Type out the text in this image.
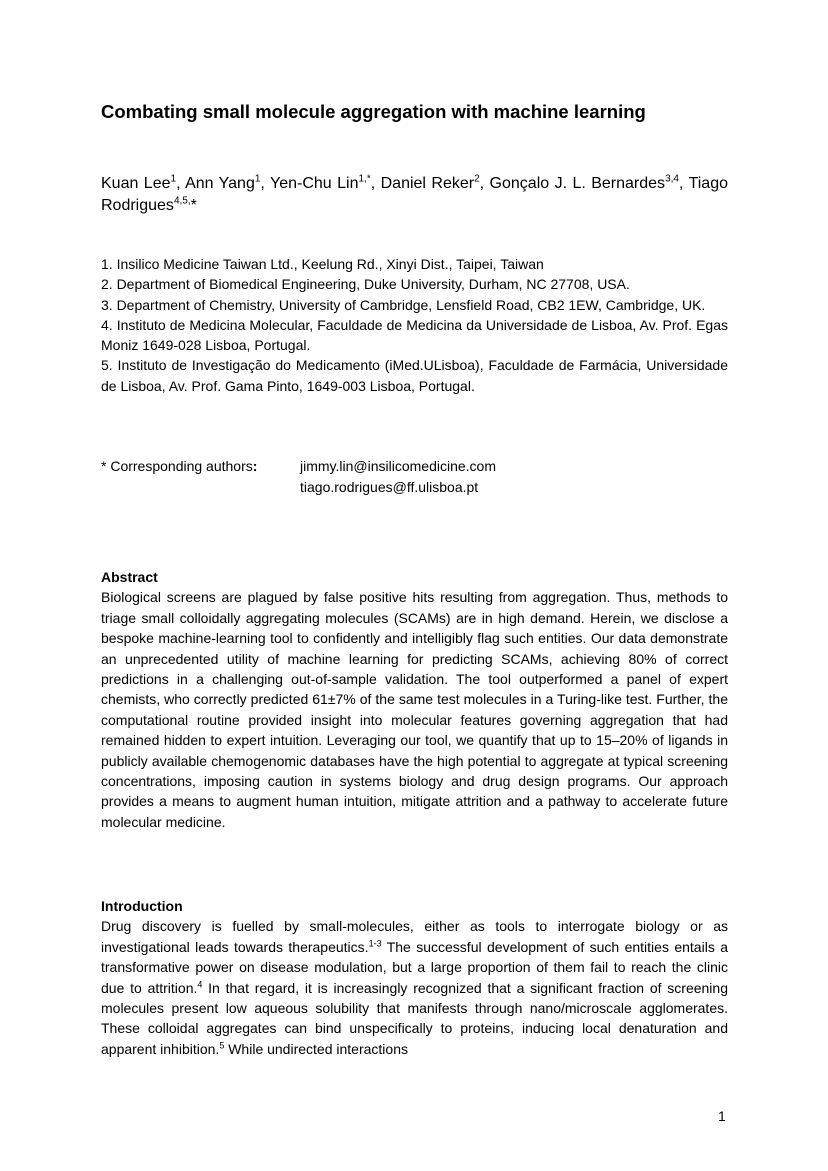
Combating small molecule aggregation with machine learning
Kuan Lee$^1$, Ann Yang$^1$, Yen-Chu Lin$^{1,*}$, Daniel Reker$^2$, Gonçalo J. L. Bernardes$^{3,4}$, Tiago Rodrigues$^{4,5,}$*

1. Insilico Medicine Taiwan Ltd., Keelung Rd., Xinyi Dist., Taipei, Taiwan

2. Department of Biomedical Engineering, Duke University, Durham, NC 27708, USA.

3. Department of Chemistry, University of Cambridge, Lensfield Road, CB2 1EW, Cambridge, UK.

4. Instituto de Medicina Molecular, Faculdade de Medicina da Universidade de Lisboa, Av. Prof. Egas Moniz 1649-028 Lisboa, Portugal.

5. Instituto de Investigação do Medicamento (iMed.ULisboa), Faculdade de Farmácia, Universidade de Lisboa, Av. Prof. Gama Pinto, 1649-003 Lisboa, Portugal.

* Corresponding authors:	jimmy.lin@insilicomedicine.com
tiago.rodrigues@ff.ulisboa.pt
Abstract

Biological screens are plagued by false positive hits resulting from aggregation. Thus, methods to triage small colloidally aggregating molecules (SCAMs) are in high demand. Herein, we disclose a bespoke machine-learning tool to confidently and intelligibly flag such entities. Our data demonstrate an unprecedented utility of machine learning for predicting SCAMs, achieving 80% of correct predictions in a challenging out-of-sample validation. The tool outperformed a panel of expert chemists, who correctly predicted 61±7% of the same test molecules in a Turing-like test. Further, the computational routine provided insight into molecular features governing aggregation that had remained hidden to expert intuition. Leveraging our tool, we quantify that up to 15–20% of ligands in publicly available chemogenomic databases have the high potential to aggregate at typical screening concentrations, imposing caution in systems biology and drug design programs. Our approach provides a means to augment human intuition, mitigate attrition and a pathway to accelerate future molecular medicine.

Introduction

Drug discovery is fuelled by small-molecules, either as tools to interrogate biology or as investigational leads towards therapeutics.$^{1-3}$ The successful development of such entities entails a transformative power on disease modulation, but a large proportion of them fail to reach the clinic due to attrition.$^4$ In that regard, it is increasingly recognized that a significant fraction of screening molecules present low aqueous solubility that manifests through nano/microscale agglomerates. These colloidal aggregates can bind unspecifically to proteins, inducing local denaturation and apparent inhibition.$^5$ While undirected interactions

1
